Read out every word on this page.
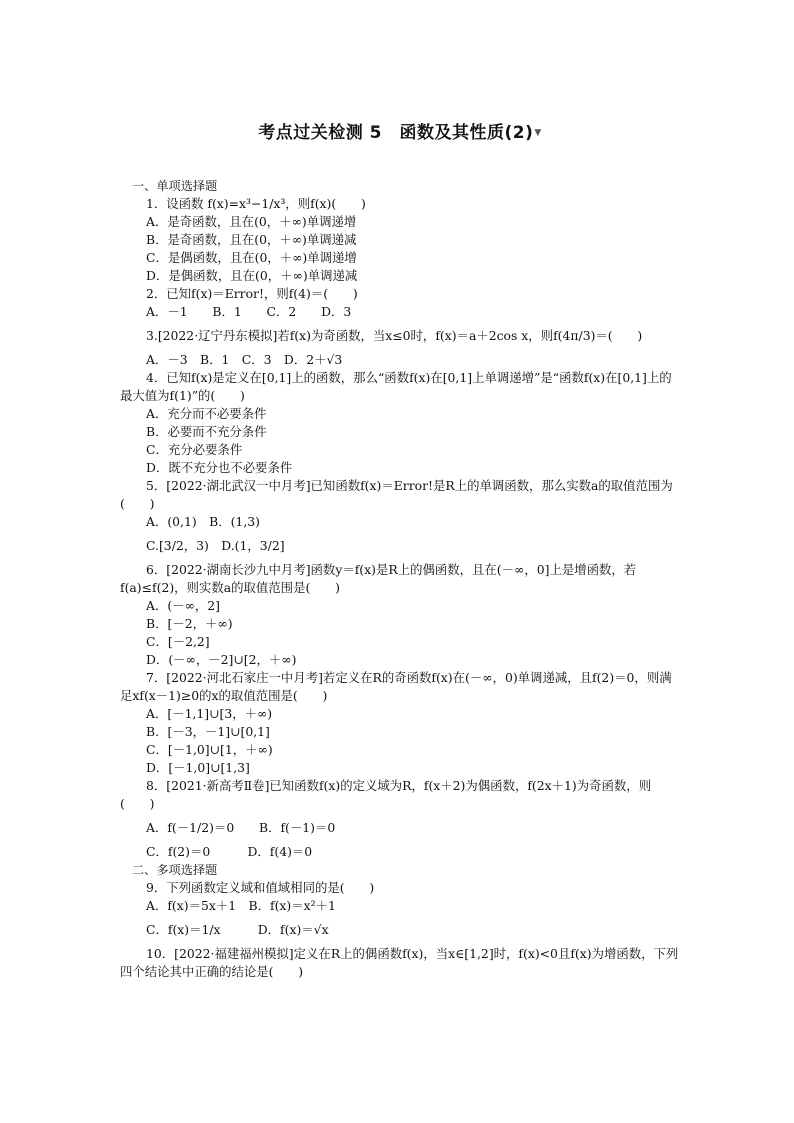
考点过关检测 5　函数及其性质(2)▼

一、单项选择题

1．设函数 f(x)=x³−1/x³，则f(x)(　　)

A．是奇函数，且在(0，＋∞)单调递增

B．是奇函数，且在(0，＋∞)单调递减

C．是偶函数，且在(0，＋∞)单调递增

D．是偶函数，且在(0，＋∞)单调递减

2．已知f(x)＝Error!，则f(4)＝(　　)

A．－1　　B．1　　C．2　　D．3

3.[2022·辽宁丹东模拟]若f(x)为奇函数，当x≤0时，f(x)＝a＋2cos x，则f(4π/3)＝(　　)

A．－3　B．1　C．3　D．2＋√3

4．已知f(x)是定义在[0,1]上的函数，那么“函数f(x)在[0,1]上单调递增”是“函数f(x)在[0,1]上的最大值为f(1)”的(　　)

A．充分而不必要条件

B．必要而不充分条件

C．充分必要条件

D．既不充分也不必要条件

5．[2022·湖北武汉一中月考]已知函数f(x)＝Error!是R上的单调函数，那么实数a的取值范围为(　　)

A．(0,1)　B．(1,3)

C.[3/2，3)　D.(1，3/2]

6．[2022·湖南长沙九中月考]函数y＝f(x)是R上的偶函数，且在(－∞，0]上是增函数，若f(a)≤f(2)，则实数a的取值范围是(　　)

A．(－∞，2]

B．[－2，＋∞)

C．[－2,2]

D．(－∞，－2]∪[2，＋∞)

7．[2022·河北石家庄一中月考]若定义在R的奇函数f(x)在(－∞，0)单调递减，且f(2)＝0，则满足xf(x－1)≥0的x的取值范围是(　　)

A．[－1,1]∪[3，＋∞)

B．[－3，－1]∪[0,1]

C．[－1,0]∪[1，＋∞)

D．[－1,0]∪[1,3]

8．[2021·新高考Ⅱ卷]已知函数f(x)的定义域为R，f(x＋2)为偶函数，f(2x＋1)为奇函数，则(　　)

A．f(－1/2)＝0　　B．f(－1)＝0

C．f(2)＝0　　　D．f(4)＝0

二、多项选择题

9．下列函数定义域和值域相同的是(　　)

A．f(x)＝5x＋1　B．f(x)＝x²＋1

C．f(x)＝1/x　　　D．f(x)＝√x

10．[2022·福建福州模拟]定义在R上的偶函数f(x)，当x∈[1,2]时，f(x)<0且f(x)为增函数，下列四个结论其中正确的结论是(　　)
